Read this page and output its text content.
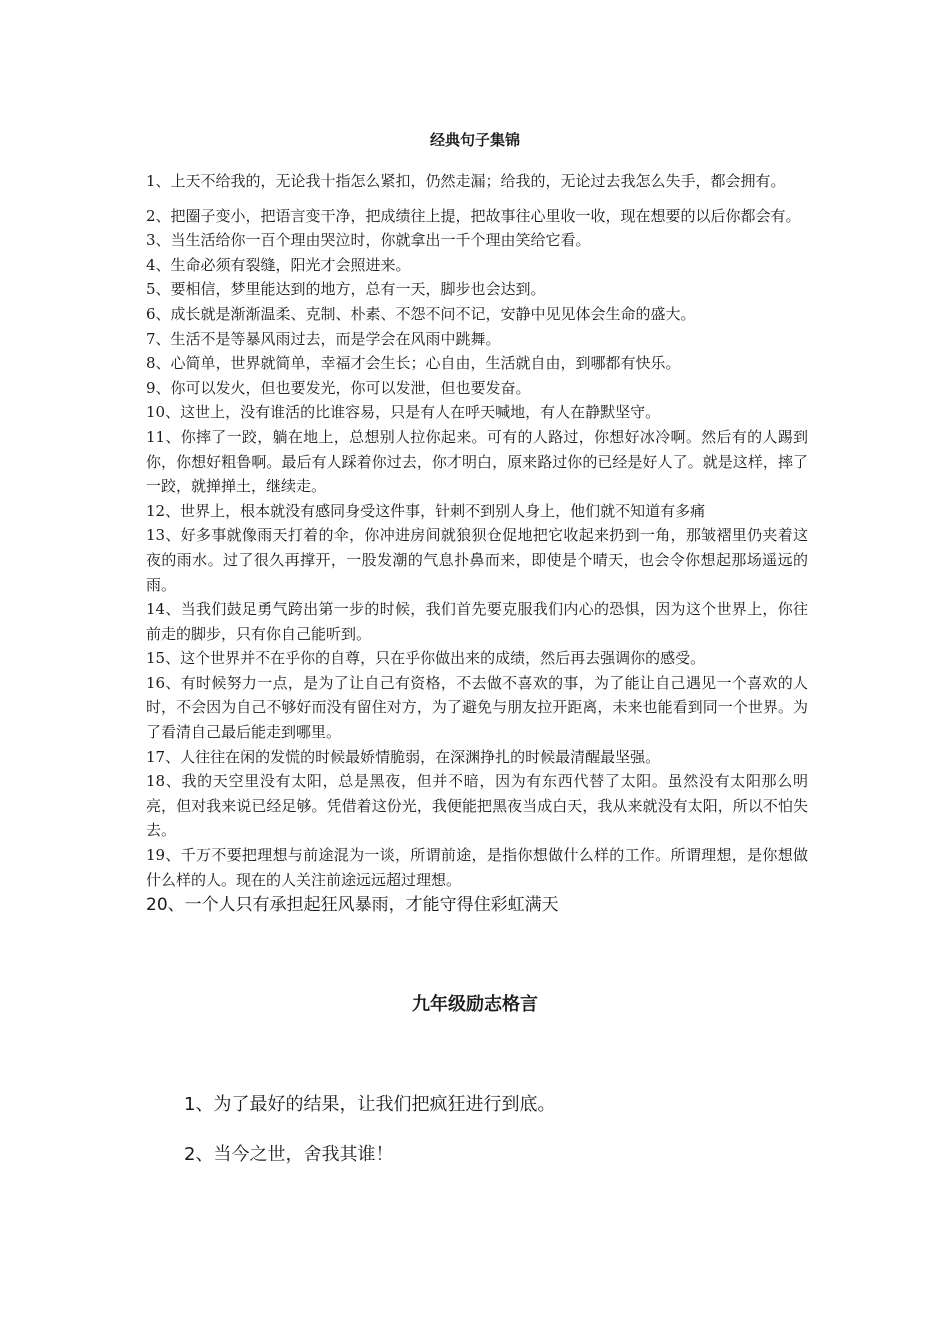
经典句子集锦

1、上天不给我的，无论我十指怎么紧扣，仍然走漏；给我的，无论过去我怎么失手，都会拥有。

2、把圈子变小，把语言变干净，把成绩往上提，把故事往心里收一收，现在想要的以后你都会有。

3、当生活给你一百个理由哭泣时，你就拿出一千个理由笑给它看。

4、生命必须有裂缝，阳光才会照进来。

5、要相信，梦里能达到的地方，总有一天，脚步也会达到。

6、成长就是渐渐温柔、克制、朴素、不怨不问不记，安静中见见体会生命的盛大。

7、生活不是等暴风雨过去，而是学会在风雨中跳舞。

8、心简单，世界就简单，幸福才会生长；心自由，生活就自由，到哪都有快乐。

9、你可以发火，但也要发光，你可以发泄，但也要发奋。

10、这世上，没有谁活的比谁容易，只是有人在呼天喊地，有人在静默坚守。

11、你摔了一跤，躺在地上，总想别人拉你起来。可有的人路过，你想好冰冷啊。然后有的人踢到你，你想好粗鲁啊。最后有人踩着你过去，你才明白，原来路过你的已经是好人了。就是这样，摔了一跤，就掸掸土，继续走。

12、世界上，根本就没有感同身受这件事，针刺不到别人身上，他们就不知道有多痛

13、好多事就像雨天打着的伞，你冲进房间就狼狈仓促地把它收起来扔到一角，那皱褶里仍夹着这夜的雨水。过了很久再撑开，一股发潮的气息扑鼻而来，即使是个晴天，也会令你想起那场遥远的雨。

14、当我们鼓足勇气跨出第一步的时候，我们首先要克服我们内心的恐惧，因为这个世界上，你往前走的脚步，只有你自己能听到。

15、这个世界并不在乎你的自尊，只在乎你做出来的成绩，然后再去强调你的感受。

16、有时候努力一点，是为了让自己有资格，不去做不喜欢的事，为了能让自己遇见一个喜欢的人时，不会因为自己不够好而没有留住对方，为了避免与朋友拉开距离，未来也能看到同一个世界。为了看清自己最后能走到哪里。

17、人往往在闲的发慌的时候最娇情脆弱，在深渊挣扎的时候最清醒最坚强。

18、我的天空里没有太阳，总是黑夜，但并不暗，因为有东西代替了太阳。虽然没有太阳那么明亮，但对我来说已经足够。凭借着这份光，我便能把黑夜当成白天，我从来就没有太阳，所以不怕失去。

19、千万不要把理想与前途混为一谈，所谓前途，是指你想做什么样的工作。所谓理想，是你想做什么样的人。现在的人关注前途远远超过理想。

20、一个人只有承担起狂风暴雨，才能守得住彩虹满天

九年级励志格言

1、为了最好的结果，让我们把疯狂进行到底。

2、当今之世，舍我其谁！
